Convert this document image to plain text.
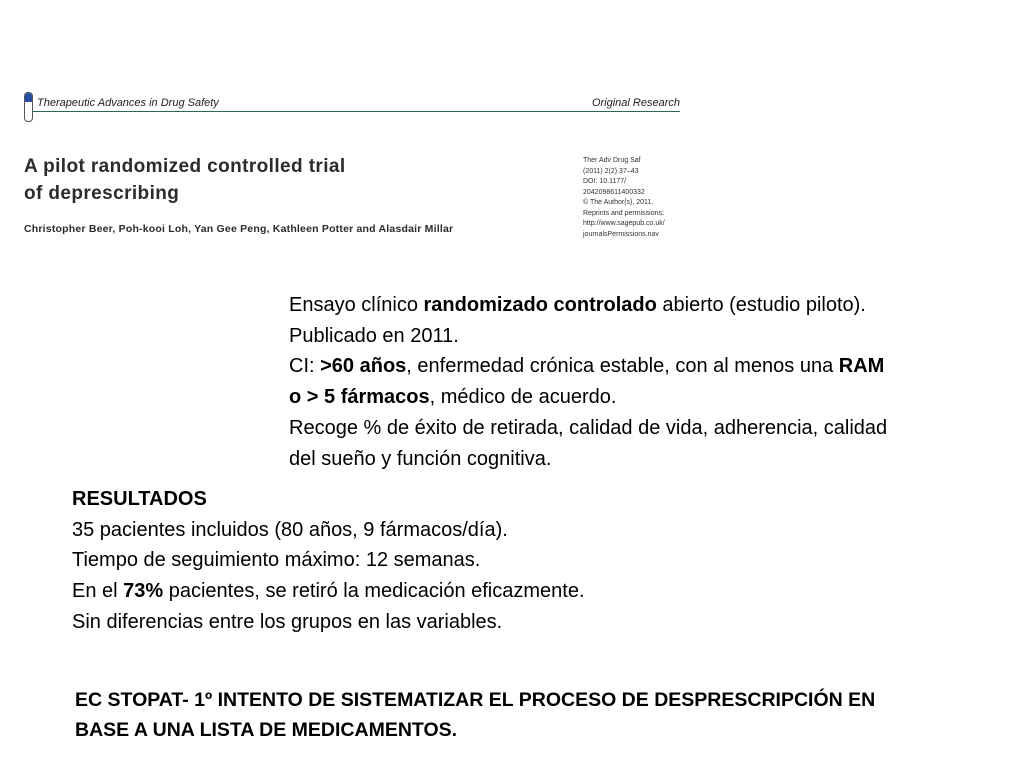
Therapeutic Advances in Drug Safety	Original Research
A pilot randomized controlled trial
of deprescribing
Christopher Beer, Poh-kooi Loh, Yan Gee Peng, Kathleen Potter and Alasdair Millar
Ther Adv Drug Saf
(2011) 2(2) 37–43
DOI: 10.1177/
2042098611400332
© The Author(s), 2011.
Reprints and permissions:
http://www.sagepub.co.uk/
journalsPermissions.nav
Ensayo clínico randomizado controlado abierto (estudio piloto).
Publicado en 2011.
CI: >60 años, enfermedad crónica estable, con al menos una RAM
o > 5 fármacos, médico de acuerdo.
Recoge % de éxito de retirada, calidad de vida, adherencia, calidad
del sueño y función cognitiva.
RESULTADOS
35 pacientes incluidos (80 años, 9 fármacos/día).
Tiempo de seguimiento máximo: 12 semanas.
En el 73% pacientes, se retiró la medicación eficazmente.
Sin diferencias entre los grupos en las variables.
EC STOPAT- 1º INTENTO DE SISTEMATIZAR EL PROCESO DE DESPRESCRIPCIÓN EN
BASE A UNA LISTA DE MEDICAMENTOS.
